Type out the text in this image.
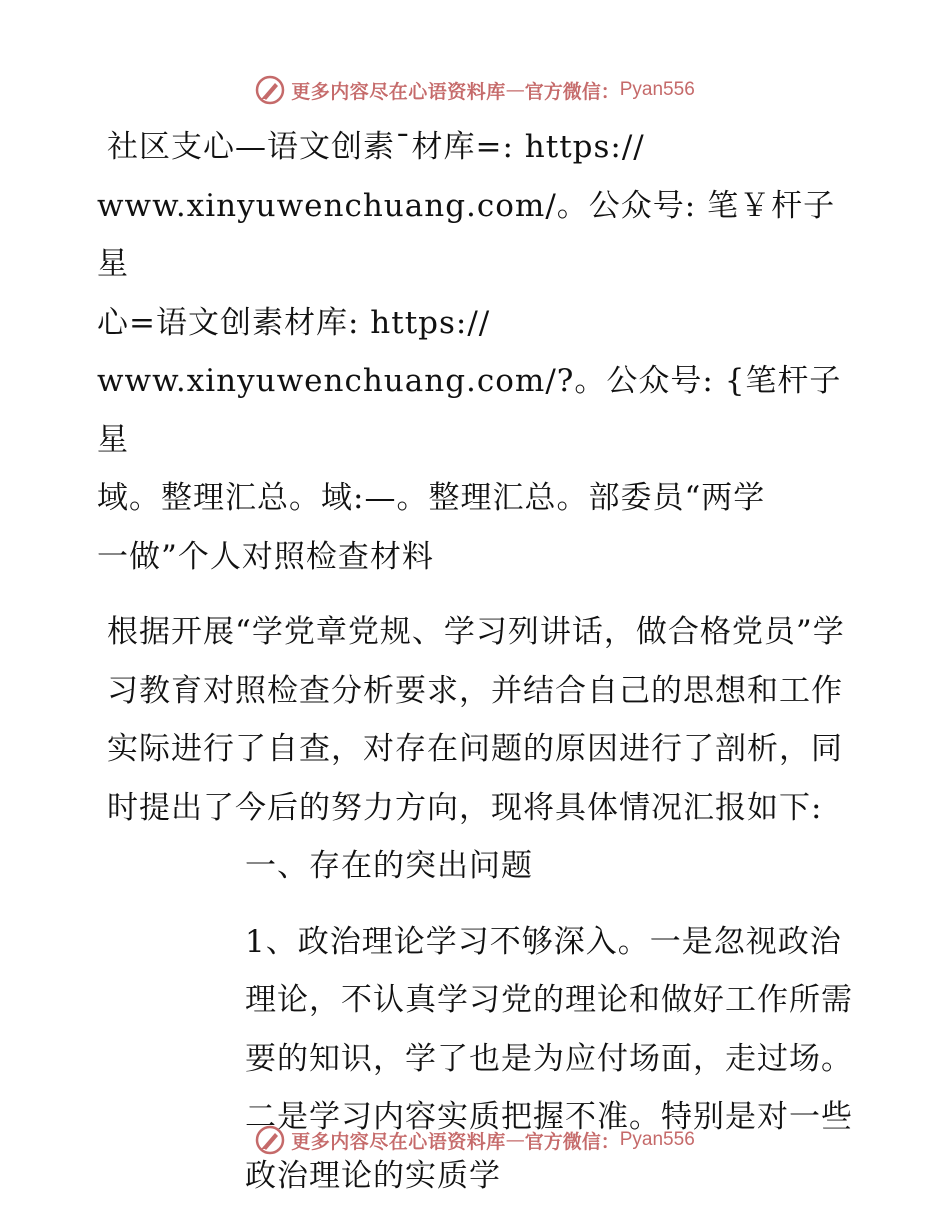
更多内容尽在心语资料库 — 官方微信： Pyan556

社区支心—语文创素¯材库=: https://

www.xinyuwenchuang.com/。公众号: 笔￥杆子星

心=语文创素材库: https://

www.xinyuwenchuang.com/?。公众号: {笔杆子星

域。整理汇总。域:—。整理汇总。部委员“两学

一做”个人对照检查材料

根据开展“学党章党规、学习列讲话，做合格党员”学习教育对照检查分析要求，并结合自己的思想和工作实际进行了自查，对存在问题的原因进行了剖析，同时提出了今后的努力方向，现将具体情况汇报如下:

一、存在的突出问题

1、政治理论学习不够深入。一是忽视政治理论，不认真学习党的理论和做好工作所需要的知识，学了也是为应付场面，走过场。二是学习内容实质把握不准。特别是对一些政治理论的实质学

更多内容尽在心语资料库 — 官方微信： Pyan556
